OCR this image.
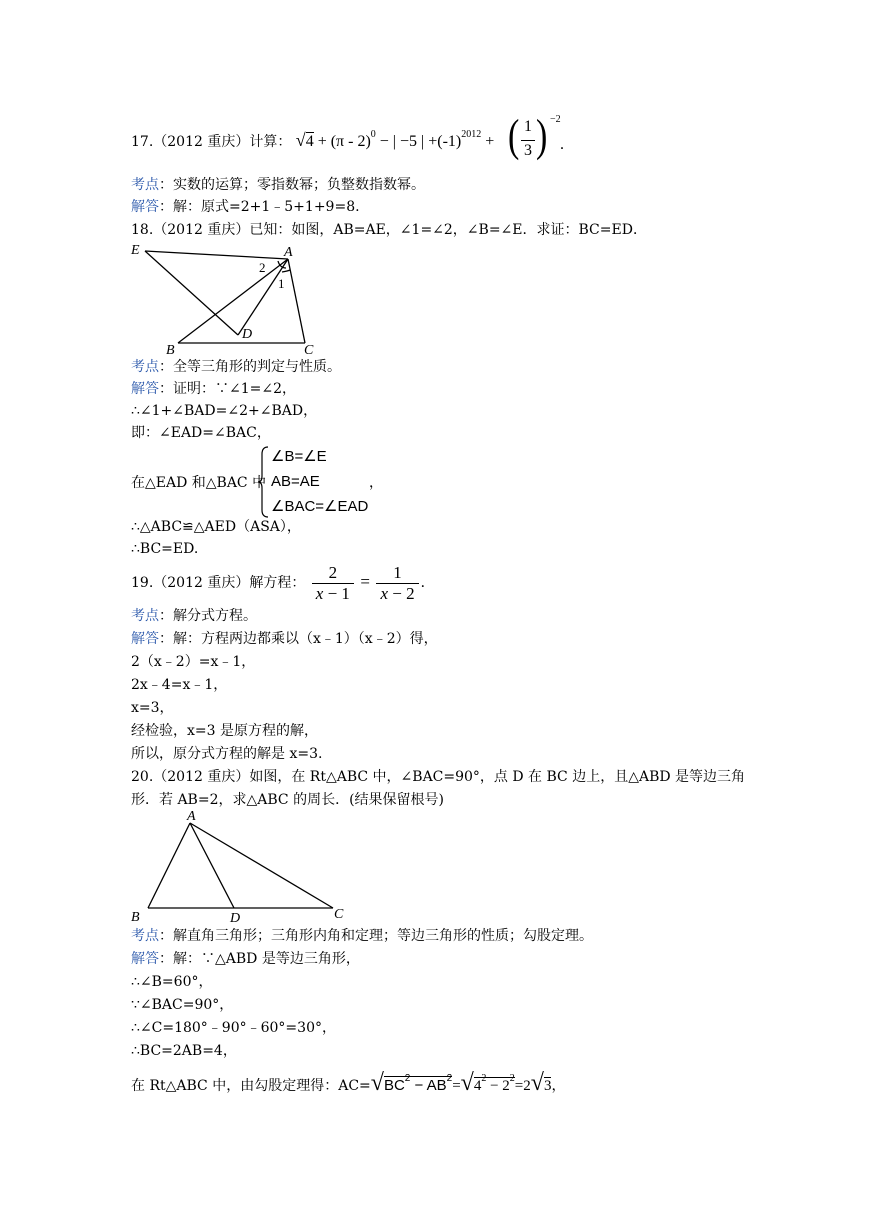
17.（2012 重庆）计算： √4 + (π - 2)$^0$ − | −5 | $+(-1)^{2012}$ + ( 1
3 ) −2
.
考点：实数的运算；零指数幂；负整数指数幂。
解答：解：原式=2+1﹣5+1+9=8.
18.（2012 重庆）已知：如图，AB=AE，∠1=∠2，∠B=∠E．求证：BC=ED．
E	A
2
1
D
B	C
考点：全等三角形的判定与性质。
解答：证明：∵∠1=∠2，
∴∠1+∠BAD=∠2+∠BAD，
即：∠EAD=∠BAC，
在△EAD 和△BAC 中
∠B=∠E
AB=AE
∠BAC=∠EAD
，
∴△ABC≌△AED（ASA），
∴BC=ED.
19.（2012 重庆）解方程： $\frac{2}{x - 1} = \frac{1}{x - 2}$ ．
考点：解分式方程。
解答：解：方程两边都乘以（x﹣1）（x﹣2）得，
2（x﹣2）=x﹣1，
2x﹣4=x﹣1，
x=3，
经检验，x=3 是原方程的解，
所以，原分式方程的解是 x=3.
20.（2012 重庆）如图，在 Rt△ABC 中，∠BAC=90°，点 D 在 BC 边上，且△ABD 是等边三角
形．若 AB=2，求△ABC 的周长．(结果保留根号)
A
B	D	C
考点：解直角三角形；三角形内角和定理；等边三角形的性质；勾股定理。
解答：解：∵△ABD 是等边三角形，
∴∠B=60°，
∵∠BAC=90°，
∴∠C=180°﹣90°﹣60°=30°，
∴BC=2AB=4，
在 Rt△ABC 中，由勾股定理得：$AC=√BC^2 - AB^2=√4^2 - 2^2=2√3$，
